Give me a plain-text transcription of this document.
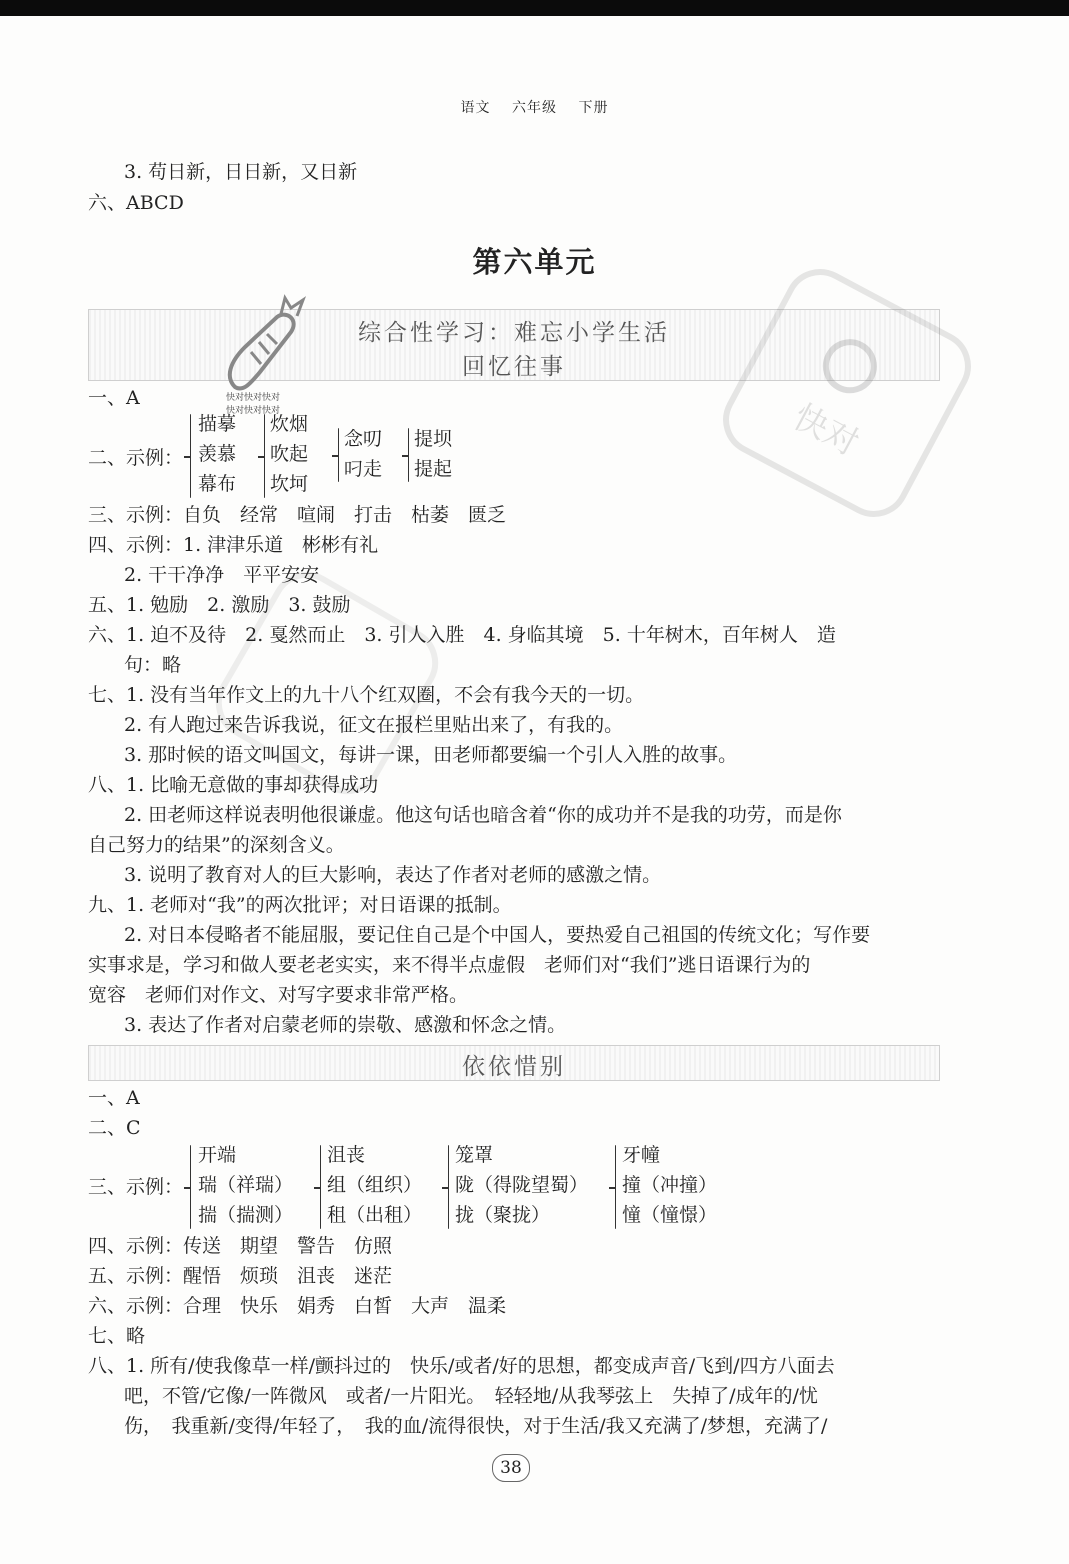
语文 六年级 下册
3. 苟日新，日日新，又日新
六、ABCD
第六单元
综合性学习：难忘小学生活
回忆往事
快对
快对快对快对
快对快对快对
一、A
二、示例：
描摹
羡慕
幕布
炊烟
吹起
坎坷
念叨
叼走
提坝
提起
三、示例：自负　经常　喧闹　打击　枯萎　匮乏
四、示例：1. 津津乐道　彬彬有礼
2. 干干净净　平平安安
五、1. 勉励　2. 激励　3. 鼓励
六、1. 迫不及待　2. 戛然而止　3. 引人入胜　4. 身临其境　5. 十年树木，百年树人　造
句：略
七、1. 没有当年作文上的九十八个红双圈，不会有我今天的一切。
2. 有人跑过来告诉我说，征文在报栏里贴出来了，有我的。
3. 那时候的语文叫国文，每讲一课，田老师都要编一个引人入胜的故事。
八、1. 比喻无意做的事却获得成功
2. 田老师这样说表明他很谦虚。他这句话也暗含着“你的成功并不是我的功劳，而是你
自己努力的结果”的深刻含义。
3. 说明了教育对人的巨大影响，表达了作者对老师的感激之情。
九、1. 老师对“我”的两次批评；对日语课的抵制。
2. 对日本侵略者不能屈服，要记住自己是个中国人，要热爱自己祖国的传统文化；写作要
实事求是，学习和做人要老老实实，来不得半点虚假　老师们对“我们”逃日语课行为的
宽容　老师们对作文、对写字要求非常严格。
3. 表达了作者对启蒙老师的崇敬、感激和怀念之情。
依依惜别
一、A
二、C
三、示例：
开端
瑞（祥瑞）
揣（揣测）
沮丧
组（组织）
租（出租）
笼罩
陇（得陇望蜀）
拢（聚拢）
牙幢
撞（冲撞）
憧（憧憬）
四、示例：传送　期望　警告　仿照
五、示例：醒悟　烦琐　沮丧　迷茫
六、示例：合理　快乐　娟秀　白皙　大声　温柔
七、略
八、1. 所有/使我像草一样/颤抖过的　快乐/或者/好的思想，都变成声音/飞到/四方八面去
吧，不管/它像/一阵微风　或者/一片阳光。　轻轻地/从我琴弦上　失掉了/成年的/忧
伤，　我重新/变得/年轻了，　我的血/流得很快，对于生活/我又充满了/梦想，充满了/
38
